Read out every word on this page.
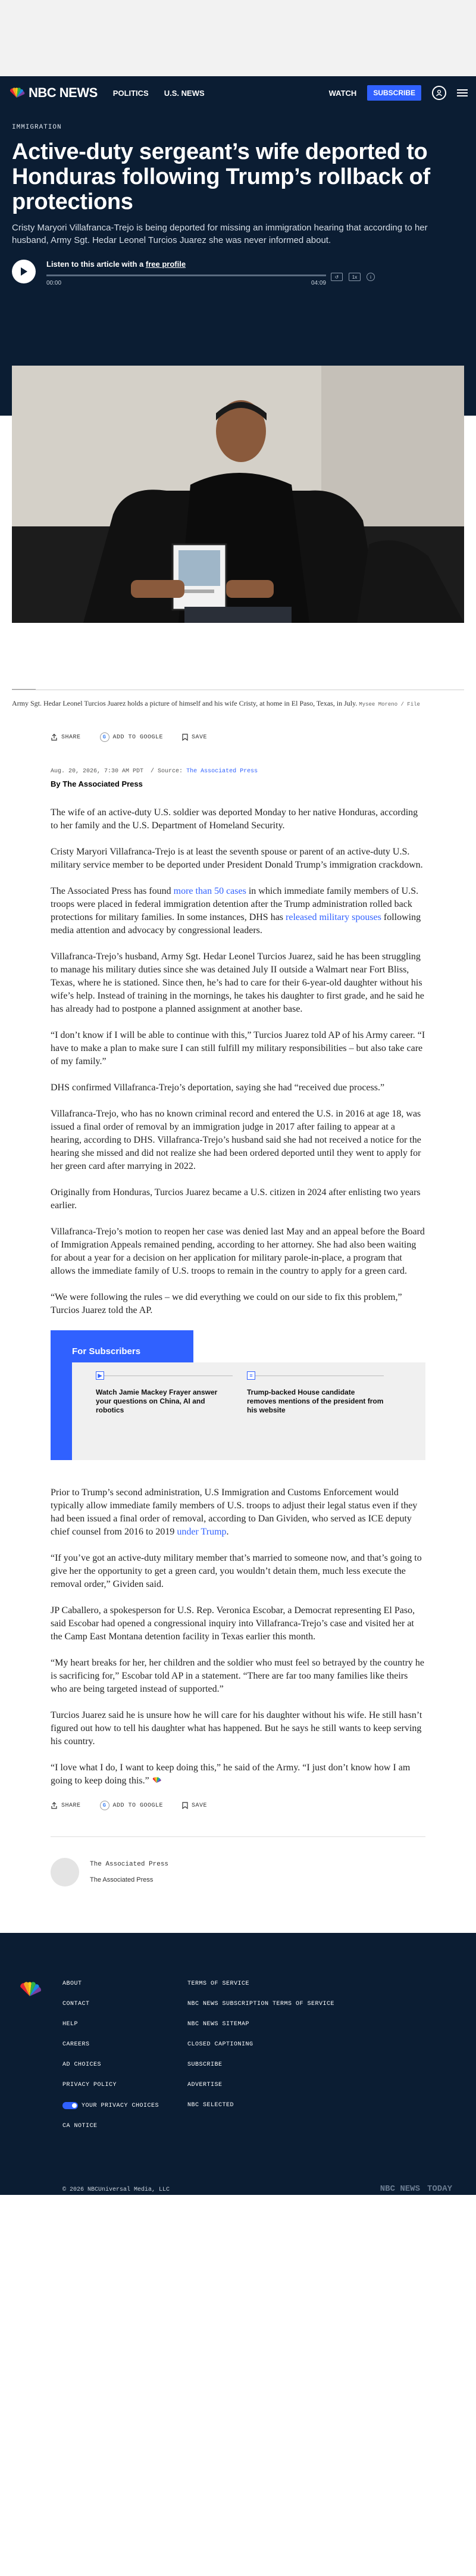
NBC NEWS POLITICS U.S. NEWS	WATCH	SUBSCRIBE
IMMIGRATION
Active-duty sergeant’s wife deported to Honduras following Trump’s rollback of protections

Cristy Maryori Villafranca-Trejo is being deported for missing an immigration hearing that according to her husband, Army Sgt. Hedar Leonel Turcios Juarez she was never informed about.

Listen to this article with a free profile
00:00	04:09
↺	1x	i
Army Sgt. Hedar Leonel Turcios Juarez holds a picture of himself and his wife Cristy, at home in El Paso, Texas, in July. Mysee Moreno / File
SHARE	G	ADD TO GOOGLE	SAVE
Aug. 20, 2026, 7:30 AM PDT / Source: The Associated Press
By The Associated Press

The wife of an active-duty U.S. soldier was deported Monday to her native Honduras, according to her family and the U.S. Department of Homeland Security.

Cristy Maryori Villafranca-Trejo is at least the seventh spouse or parent of an active-duty U.S. military service member to be deported under President Donald Trump’s immigration crackdown.

The Associated Press has found more than 50 cases in which immediate family members of U.S. troops were placed in federal immigration detention after the Trump administration rolled back protections for military families. In some instances, DHS has released military spouses following media attention and advocacy by congressional leaders.

Villafranca-Trejo’s husband, Army Sgt. Hedar Leonel Turcios Juarez, said he has been struggling to manage his military duties since she was detained July II outside a Walmart near Fort Bliss, Texas, where he is stationed. Since then, he’s had to care for their 6-year-old daughter without his wife’s help. Instead of training in the mornings, he takes his daughter to first grade, and he said he has already had to postpone a planned assignment at another base.

“I don’t know if I will be able to continue with this,” Turcios Juarez told AP of his Army career. “I have to make a plan to make sure I can still fulfill my military responsibilities – but also take care of my family.”

DHS confirmed Villafranca-Trejo’s deportation, saying she had “received due process.”

Villafranca-Trejo, who has no known criminal record and entered the U.S. in 2016 at age 18, was issued a final order of removal by an immigration judge in 2017 after failing to appear at a hearing, according to DHS. Villafranca-Trejo’s husband said she had not received a notice for the hearing she missed and did not realize she had been ordered deported until they went to apply for her green card after marrying in 2022.

Originally from Honduras, Turcios Juarez became a U.S. citizen in 2024 after enlisting two years earlier.

Villafranca-Trejo’s motion to reopen her case was denied last May and an appeal before the Board of Immigration Appeals remained pending, according to her attorney. She had also been waiting for about a year for a decision on her application for military parole-in-place, a program that allows the immediate family of U.S. troops to remain in the country to apply for a green card.

“We were following the rules – we did everything we could on our side to fix this problem,” Turcios Juarez told the AP.

For Subscribers
▶
Watch Jamie Mackey Frayer answer your questions on China, AI and robotics
≡
Trump-backed House candidate removes mentions of the president from his website

Prior to Trump’s second administration, U.S Immigration and Customs Enforcement would typically allow immediate family members of U.S. troops to adjust their legal status even if they had been issued a final order of removal, according to Dan Gividen, who served as ICE deputy chief counsel from 2016 to 2019 under Trump.

“If you’ve got an active-duty military member that’s married to someone now, and that’s going to give her the opportunity to get a green card, you wouldn’t detain them, much less execute the removal order,” Gividen said.

JP Caballero, a spokesperson for U.S. Rep. Veronica Escobar, a Democrat representing El Paso, said Escobar had opened a congressional inquiry into Villafranca-Trejo’s case and visited her at the Camp East Montana detention facility in Texas earlier this month.

“My heart breaks for her, her children and the soldier who must feel so betrayed by the country he is sacrificing for,” Escobar told AP in a statement. “There are far too many families like theirs who are being targeted instead of supported.”

Turcios Juarez said he is unsure how he will care for his daughter without his wife. He still hasn’t figured out how to tell his daughter what has happened. But he says he still wants to keep serving his country.

“I love what I do, I want to keep doing this,” he said of the Army. “I just don’t know how I am going to keep doing this.”

SHARE	G	ADD TO GOOGLE	SAVE
The Associated Press
The Associated Press
ABOUT
CONTACT
HELP
CAREERS
AD CHOICES
PRIVACY POLICY
YOUR PRIVACY CHOICES
CA NOTICE
TERMS OF SERVICE
NBC NEWS SUBSCRIPTION TERMS OF SERVICE
NBC NEWS SITEMAP
CLOSED CAPTIONING
SUBSCRIBE
ADVERTISE
NBC SELECTED
© 2026 NBCUniversal Media, LLC	NBC NEWS TODAY
